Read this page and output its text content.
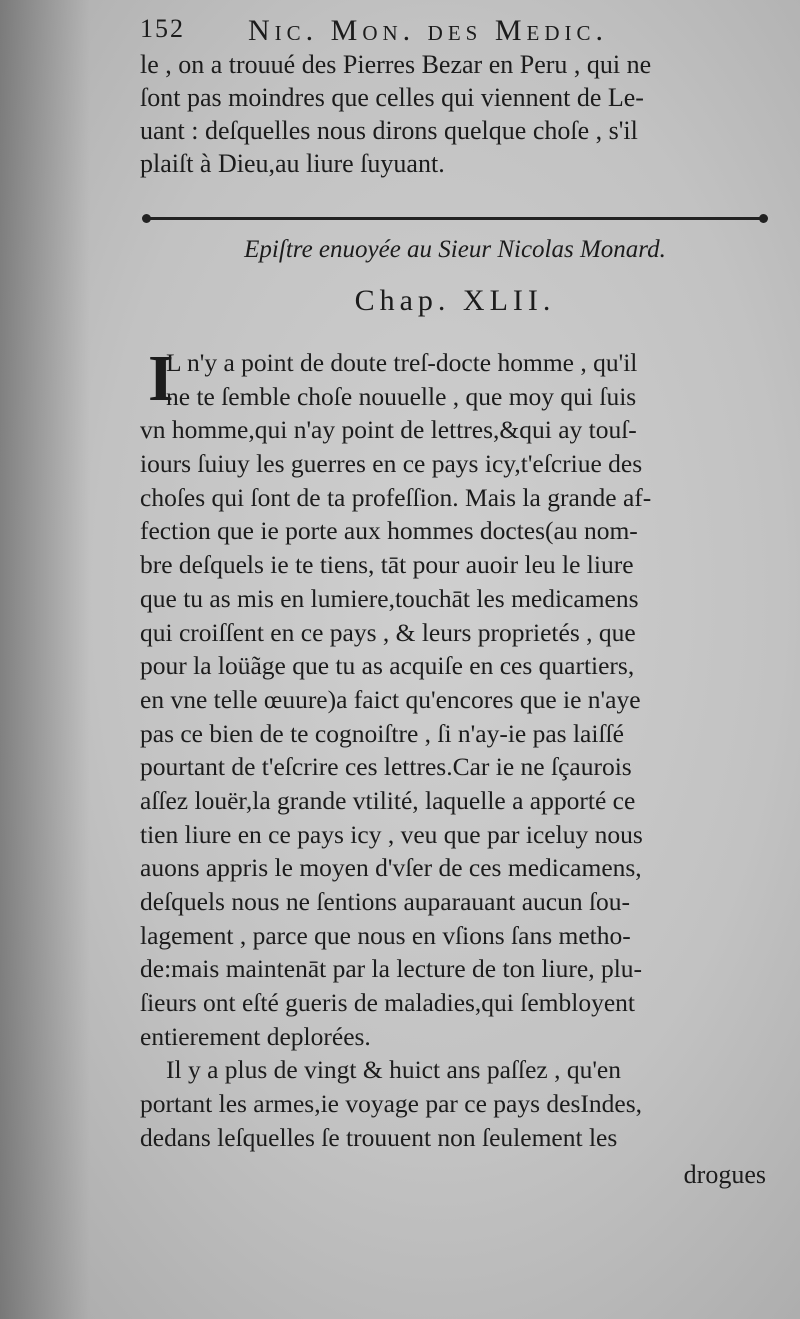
152 Nic. Mon. des Medic.
le , on a trouué des Pierres Bezar en Peru , qui ne
ſont pas moindres que celles qui viennent de Le-
uant : deſquelles nous dirons quelque choſe , s'il
plaiſt à Dieu,au liure ſuyuant.
Epiſtre enuoyée au Sieur Nicolas Monard.
Chap. XLII.
I
L n'y a point de doute treſ-docte homme , qu'il
ne te ſemble choſe nouuelle , que moy qui ſuis
vn homme,qui n'ay point de lettres,&qui ay touſ-
iours ſuiuy les guerres en ce pays icy,t'eſcriue des
choſes qui ſont de ta profeſſion. Mais la grande af-
fection que ie porte aux hommes doctes(au nom-
bre deſquels ie te tiens, tāt pour auoir leu le liure
que tu as mis en lumiere,touchāt les medicamens
qui croiſſent en ce pays , & leurs proprietés , que
pour la loüãge que tu as acquiſe en ces quartiers,
en vne telle œuure)a faict qu'encores que ie n'aye
pas ce bien de te cognoiſtre , ſi n'ay-ie pas laiſſé
pourtant de t'eſcrire ces lettres.Car ie ne ſçaurois
aſſez louër,la grande vtilité, laquelle a apporté ce
tien liure en ce pays icy , veu que par iceluy nous
auons appris le moyen d'vſer de ces medicamens,
deſquels nous ne ſentions auparauant aucun ſou-
lagement , parce que nous en vſions ſans metho-
de:mais maintenāt par la lecture de ton liure, plu-
ſieurs ont eſté gueris de maladies,qui ſembloyent
entierement deplorées.
Il y a plus de vingt & huict ans paſſez , qu'en
portant les armes,ie voyage par ce pays desIndes,
dedans leſquelles ſe trouuent non ſeulement les
drogues
